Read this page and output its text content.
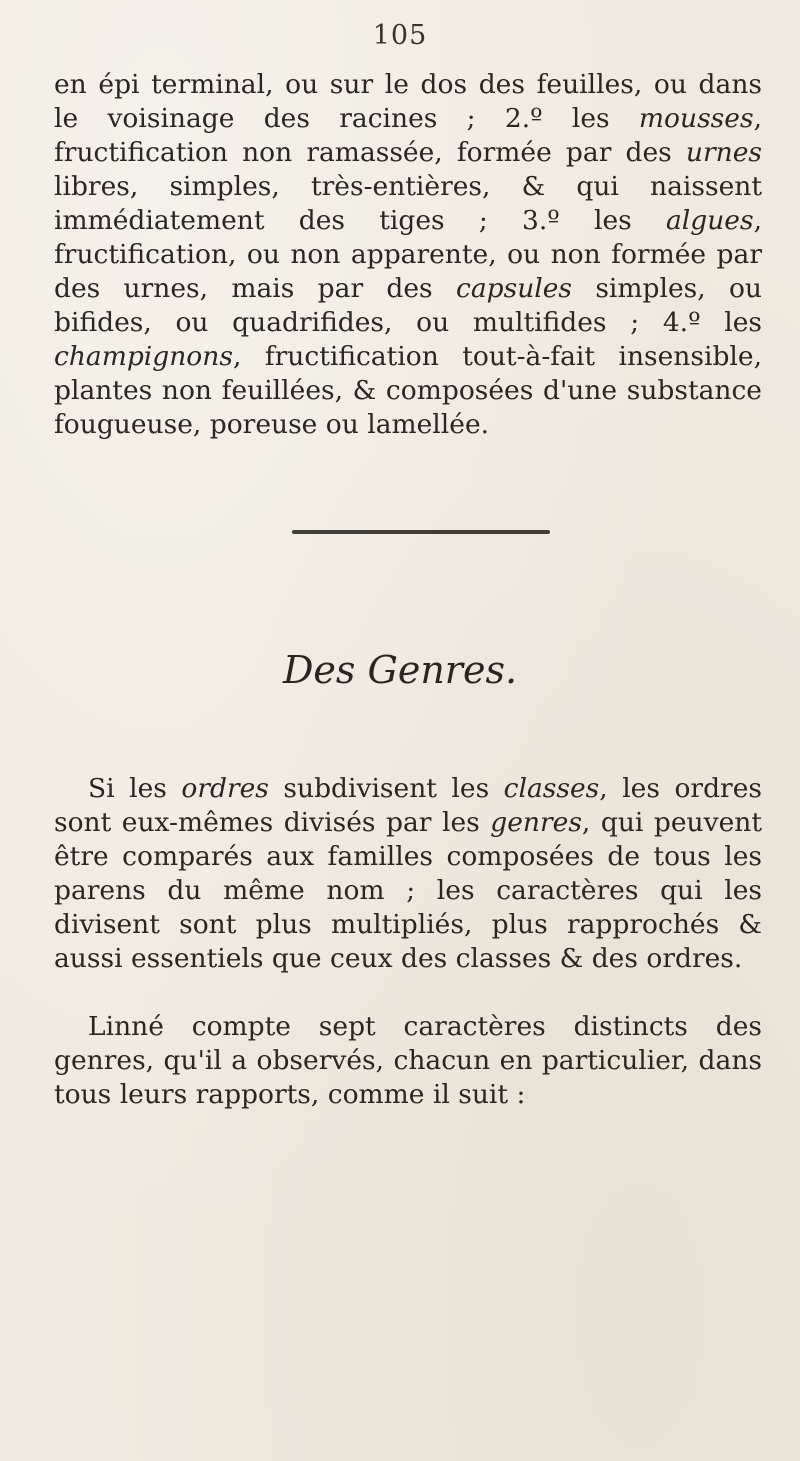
105
en épi terminal, ou sur le dos des feuilles, ou dans le voisinage des racines ; 2.º les mousses, fructification non ramassée, formée par des urnes libres, simples, très-entières, & qui naissent immédiatement des tiges ; 3.º les algues, fructification, ou non apparente, ou non formée par des urnes, mais par des capsules simples, ou bifides, ou quadrifides, ou multifides ; 4.º les champignons, fructification tout-à-fait insensible, plantes non feuillées, & composées d'une substance fougueuse, poreuse ou lamellée.
Des Genres.
Si les ordres subdivisent les classes, les ordres sont eux-mêmes divisés par les genres, qui peuvent être comparés aux familles composées de tous les parens du même nom ; les caractères qui les divisent sont plus multipliés, plus rapprochés & aussi essentiels que ceux des classes & des ordres.
Linné compte sept caractères distincts des genres, qu'il a observés, chacun en particulier, dans tous leurs rapports, comme il suit :
